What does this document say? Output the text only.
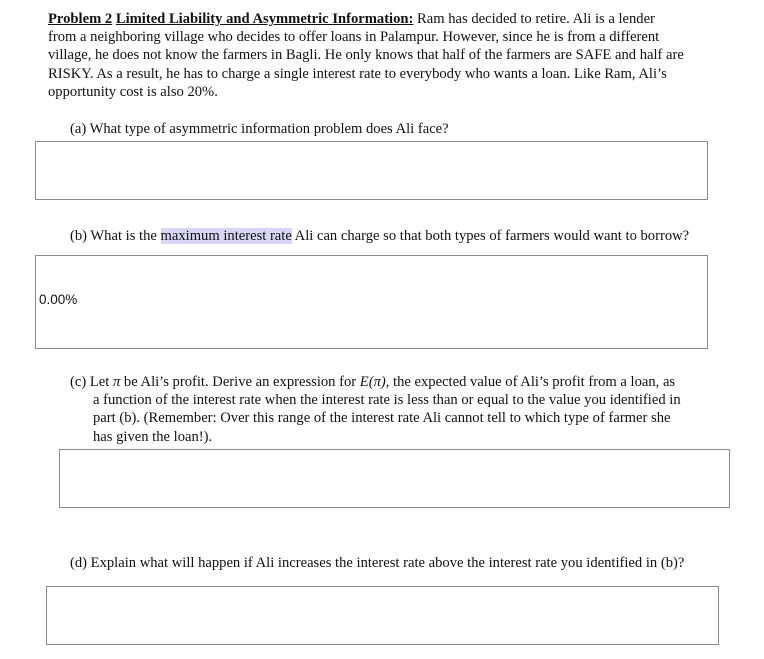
Problem 2 Limited Liability and Asymmetric Information: Ram has decided to retire. Ali is a lender
from a neighboring village who decides to offer loans in Palampur. However, since he is from a different
village, he does not know the farmers in Bagli. He only knows that half of the farmers are SAFE and half are
RISKY. As a result, he has to charge a single interest rate to everybody who wants a loan. Like Ram, Ali’s
opportunity cost is also 20%.
(a) What type of asymmetric information problem does Ali face?
(b) What is the maximum interest rate Ali can charge so that both types of farmers would want to borrow?
0.00%
(c) Let π be Ali’s profit. Derive an expression for E(π), the expected value of Ali’s profit from a loan, as
a function of the interest rate when the interest rate is less than or equal to the value you identified in
part (b). (Remember: Over this range of the interest rate Ali cannot tell to which type of farmer she
has given the loan!).
(d) Explain what will happen if Ali increases the interest rate above the interest rate you identified in (b)?
